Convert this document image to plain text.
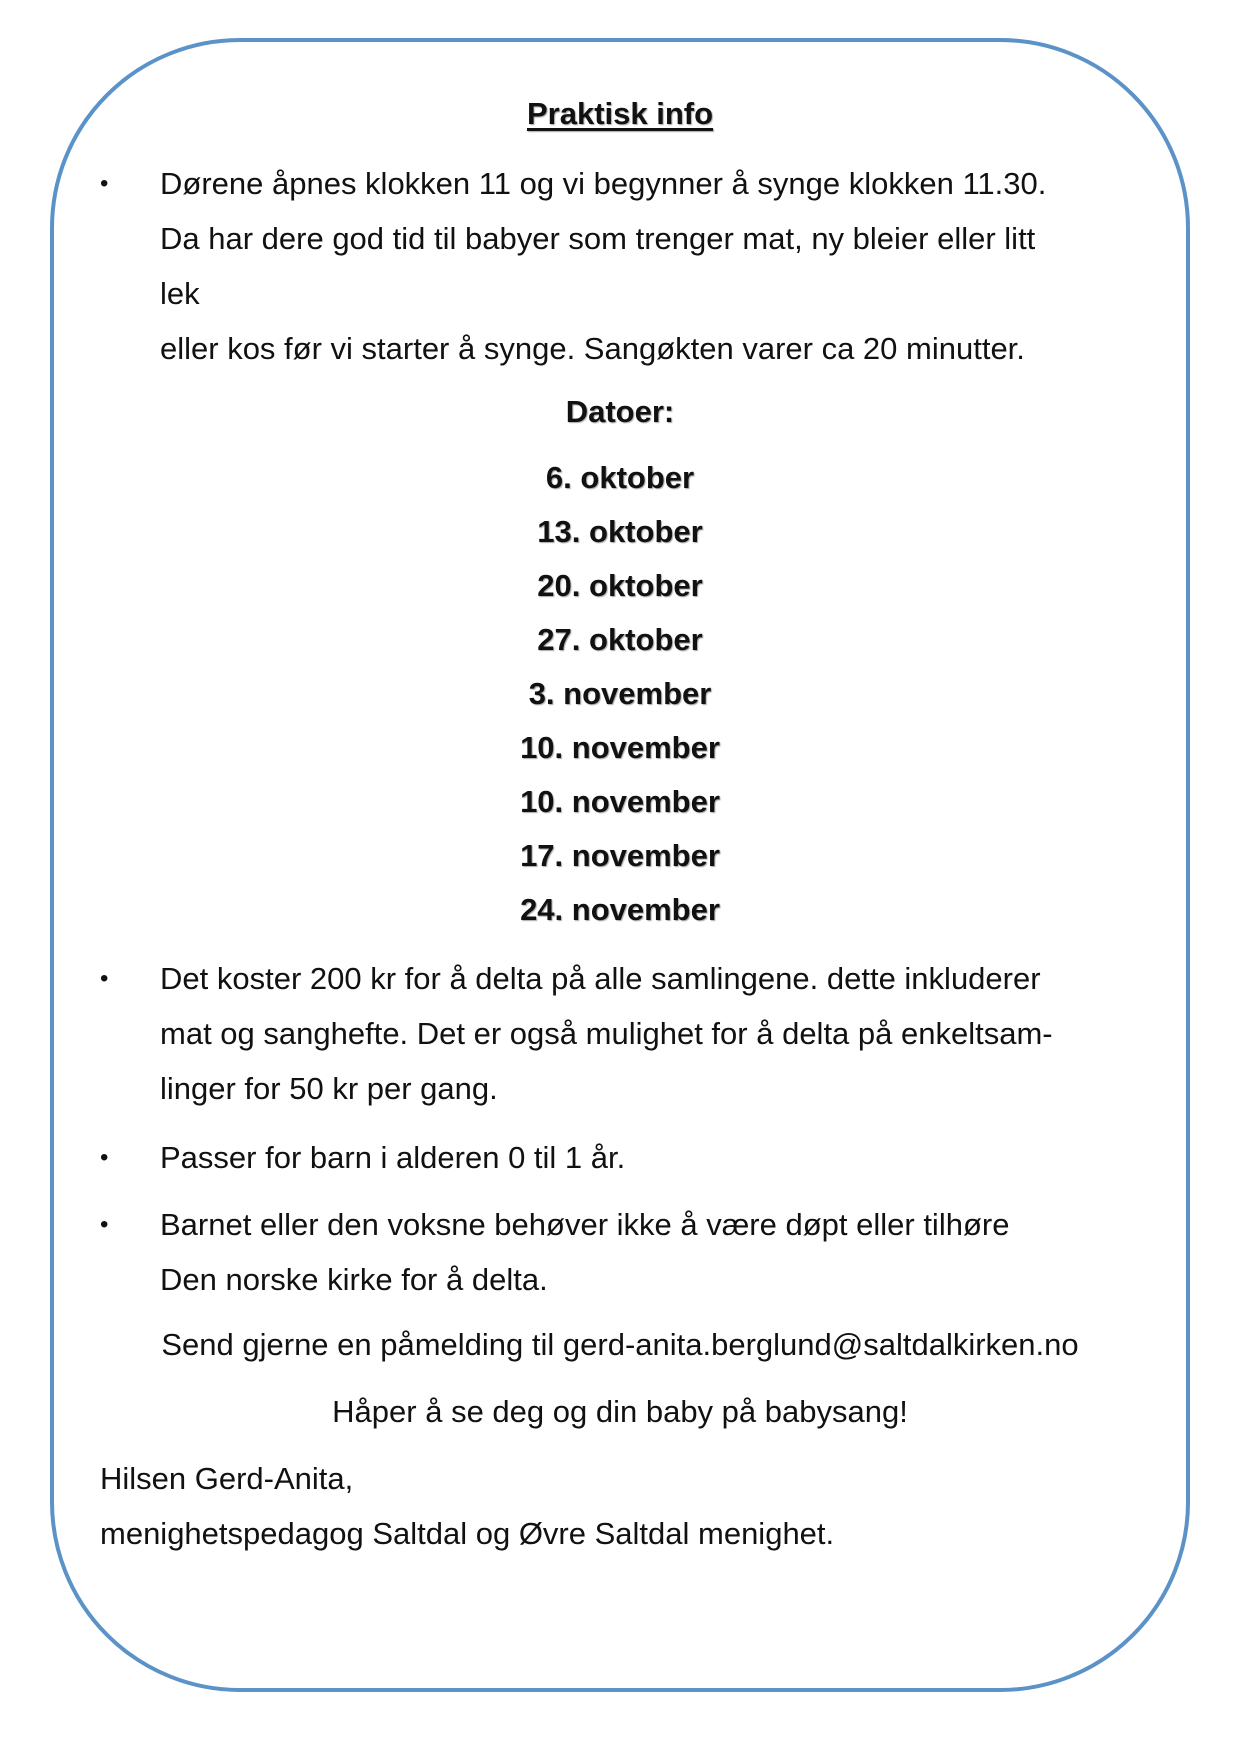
Praktisk info
• Dørene åpnes klokken 11 og vi begynner å synge klokken 11.30.
Da har dere god tid til babyer som trenger mat, ny bleier eller litt
lek
eller kos før vi starter å synge. Sangøkten varer ca 20 minutter.
Datoer:
6. oktober
13. oktober
20. oktober
27. oktober
3. november
10. november
10. november
17. november
24. november
• Det koster 200 kr for å delta på alle samlingene. dette inkluderer
mat og sanghefte. Det er også mulighet for å delta på enkeltsam-
linger for 50 kr per gang.
• Passer for barn i alderen 0 til 1 år.
• Barnet eller den voksne behøver ikke å være døpt eller tilhøre
Den norske kirke for å delta.
Send gjerne en påmelding til gerd-anita.berglund@saltdalkirken.no
Håper å se deg og din baby på babysang!
Hilsen Gerd-Anita,
menighetspedagog Saltdal og Øvre Saltdal menighet.
